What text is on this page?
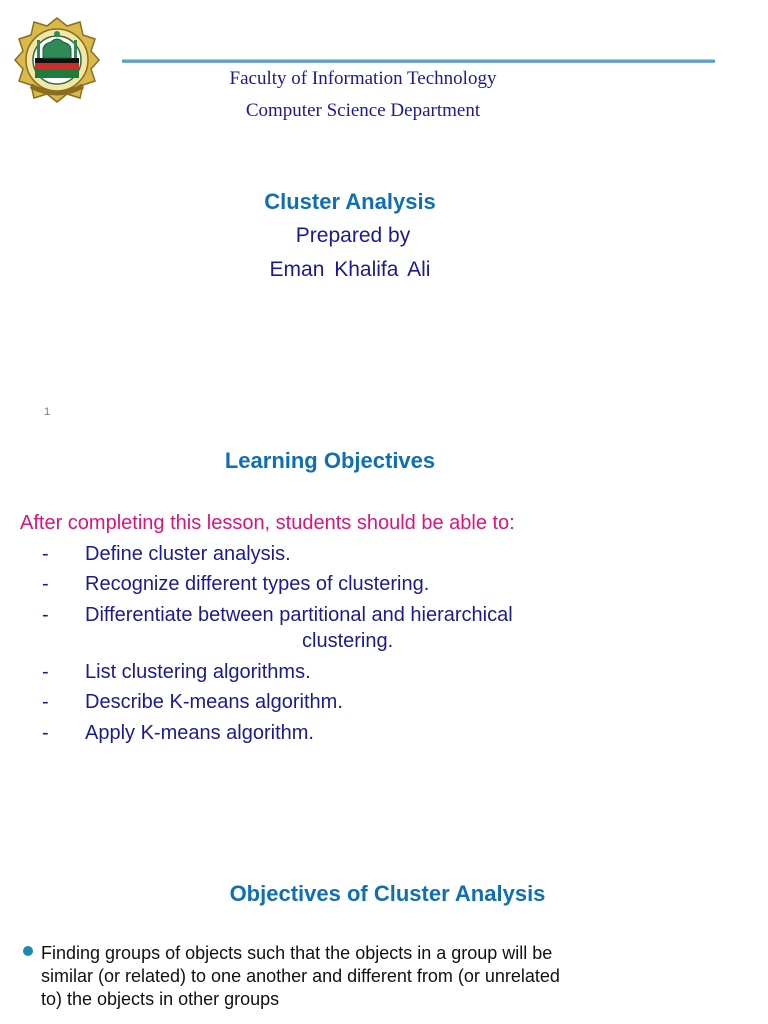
Faculty of Information Technology
Computer Science Department
Cluster Analysis
Prepared by
Eman Khalifa Ali
1
Learning Objectives
After completing this lesson, students should be able to:
- Define cluster analysis.
- Recognize different types of clustering.
- Differentiate between partitional and hierarchical
clustering.
- List clustering algorithms.
- Describe K-means algorithm.
- Apply K-means algorithm.
Objectives of Cluster Analysis
Finding groups of objects such that the objects in a group will be similar (or related) to one another and different from (or unrelated to) the objects in other groups
